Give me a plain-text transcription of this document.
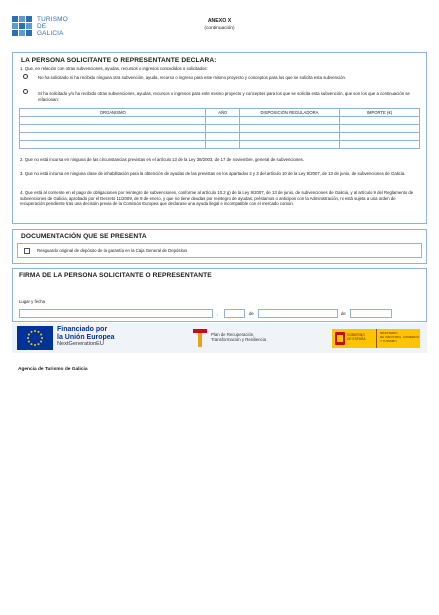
TURISMO
DE
GALICIA
ANEXO X
(continuación)
LA PERSONA SOLICITANTE O REPRESENTANTE DECLARA:
1. Que, en relación con otras subvenciones, ayudas, recursos o ingresos concedidos o solicitados:
No ha solicitado ni ha recibido ninguna otra subvención, ayuda, recurso o ingreso para este mismo proyecto y conceptos para los que se solicita esta subvención.
Sí ha solicitado y/o ha recibido otras subvenciones, ayudas, recursos o ingresos para este mismo proyecto y conceptos para los que se solicita esta subvención, que son los que a continuación se relacionan:
ORGANISMO	AÑO	DISPOSICIÓN REGULADORA	IMPORTE (€)

2. Que no está incursa en ninguna de las circunstancias previstas en el artículo 13 de la Ley 38/2003, de 17 de noviembre, general de subvenciones.
3. Que no está incursa en ninguna clase de inhabilitación para la obtención de ayudas de las previstas en los apartados 2 y 3 del artículo 10 de la Ley 9/2007, de 13 de junio, de subvenciones de Galicia.
4. Que está al corriente en el pago de obligaciones por reintegro de subvenciones, conforme al artículo 10.2 g) de la Ley 9/2007, de 13 de junio, de subvenciones de Galicia, y al artículo 9 del Reglamento de subvenciones de Galicia, aprobado por el Decreto 11/2009, de 8 de enero, y que no tiene deudas por reintegro de ayudas, préstamos o anticipos con la Administración, ni está sujeta a una orden de recuperación pendiente tras una decisión previa de la Comisión Europea que declarase una ayuda ilegal e incompatible con el mercado común.
DOCUMENTACIÓN QUE SE PRESENTA
Resguardo original de depósito de la garantía en la Caja General de Depósitos
FIRMA DE LA PERSONA SOLICITANTE O REPRESENTANTE
Lugar y fecha
,	de	de
Financiado por
la Unión Europea
NextGenerationEU
Plan de Recuperación,
Transformación y Resiliencia
GOBIERNO
DE ESPAÑA
MINISTERIO
DE INDUSTRIA, COMERCIO
Y TURISMO
Agencia de Turismo de Galicia
